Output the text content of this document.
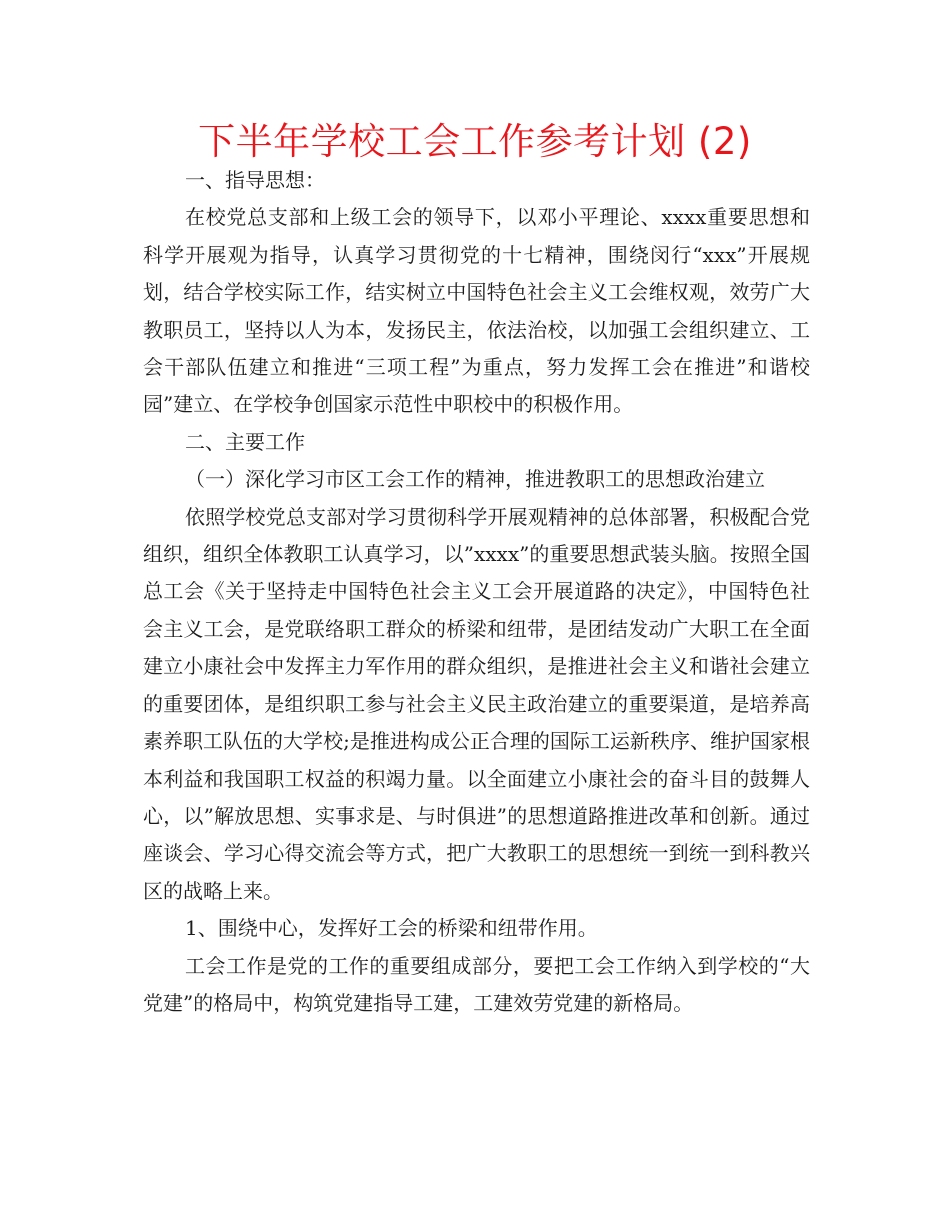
下半年学校工会工作参考计划 (2)

一、指导思想：

在校党总支部和上级工会的领导下，以邓小平理论、xxxx重要思想和科学开展观为指导，认真学习贯彻党的十七精神，围绕闵行“xxx”开展规划，结合学校实际工作，结实树立中国特色社会主义工会维权观，效劳广大教职员工，坚持以人为本，发扬民主，依法治校，以加强工会组织建立、工会干部队伍建立和推进“三项工程”为重点，努力发挥工会在推进”和谐校园”建立、在学校争创国家示范性中职校中的积极作用。

二、主要工作

（一）深化学习市区工会工作的精神，推进教职工的思想政治建立

依照学校党总支部对学习贯彻科学开展观精神的总体部署，积极配合党组织，组织全体教职工认真学习，以”xxxx”的重要思想武装头脑。按照全国总工会《关于坚持走中国特色社会主义工会开展道路的决定》，中国特色社会主义工会，是党联络职工群众的桥梁和纽带，是团结发动广大职工在全面建立小康社会中发挥主力军作用的群众组织，是推进社会主义和谐社会建立的重要团体，是组织职工参与社会主义民主政治建立的重要渠道，是培养高素养职工队伍的大学校;是推进构成公正合理的国际工运新秩序、维护国家根本利益和我国职工权益的积竭力量。以全面建立小康社会的奋斗目的鼓舞人心，以”解放思想、实事求是、与时俱进”的思想道路推进改革和创新。通过座谈会、学习心得交流会等方式，把广大教职工的思想统一到统一到科教兴区的战略上来。

1、围绕中心，发挥好工会的桥梁和纽带作用。

工会工作是党的工作的重要组成部分，要把工会工作纳入到学校的“大党建”的格局中，构筑党建指导工建，工建效劳党建的新格局。
